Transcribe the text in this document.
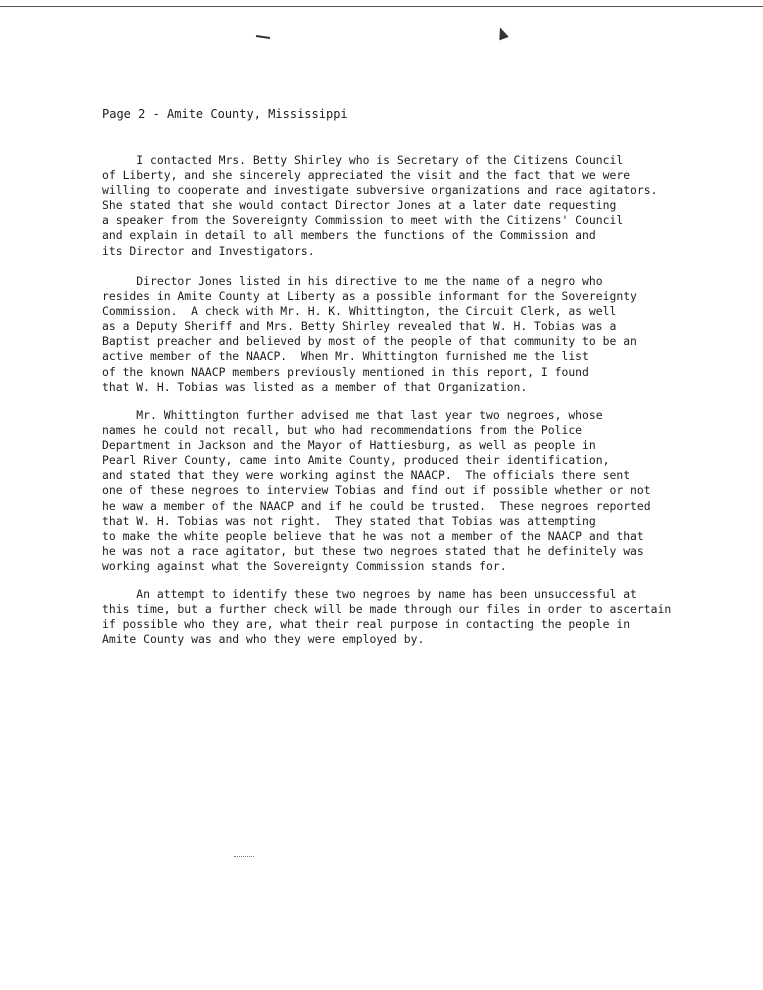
Page 2 - Amite County, Mississippi
I contacted Mrs. Betty Shirley who is Secretary of the Citizens Council
of Liberty, and she sincerely appreciated the visit and the fact that we were
willing to cooperate and investigate subversive organizations and race agitators.
She stated that she would contact Director Jones at a later date requesting
a speaker from the Sovereignty Commission to meet with the Citizens' Council
and explain in detail to all members the functions of the Commission and
its Director and Investigators.
Director Jones listed in his directive to me the name of a negro who
resides in Amite County at Liberty as a possible informant for the Sovereignty
Commission.  A check with Mr. H. K. Whittington, the Circuit Clerk, as well
as a Deputy Sheriff and Mrs. Betty Shirley revealed that W. H. Tobias was a
Baptist preacher and believed by most of the people of that community to be an
active member of the NAACP.  When Mr. Whittington furnished me the list
of the known NAACP members previously mentioned in this report, I found
that W. H. Tobias was listed as a member of that Organization.
Mr. Whittington further advised me that last year two negroes, whose
names he could not recall, but who had recommendations from the Police
Department in Jackson and the Mayor of Hattiesburg, as well as people in
Pearl River County, came into Amite County, produced their identification,
and stated that they were working aginst the NAACP.  The officials there sent
one of these negroes to interview Tobias and find out if possible whether or not
he waw a member of the NAACP and if he could be trusted.  These negroes reported
that W. H. Tobias was not right.  They stated that Tobias was attempting
to make the white people believe that he was not a member of the NAACP and that
he was not a race agitator, but these two negroes stated that he definitely was
working against what the Sovereignty Commission stands for.
An attempt to identify these two negroes by name has been unsuccessful at
this time, but a further check will be made through our files in order to ascertain
if possible who they are, what their real purpose in contacting the people in
Amite County was and who they were employed by.
